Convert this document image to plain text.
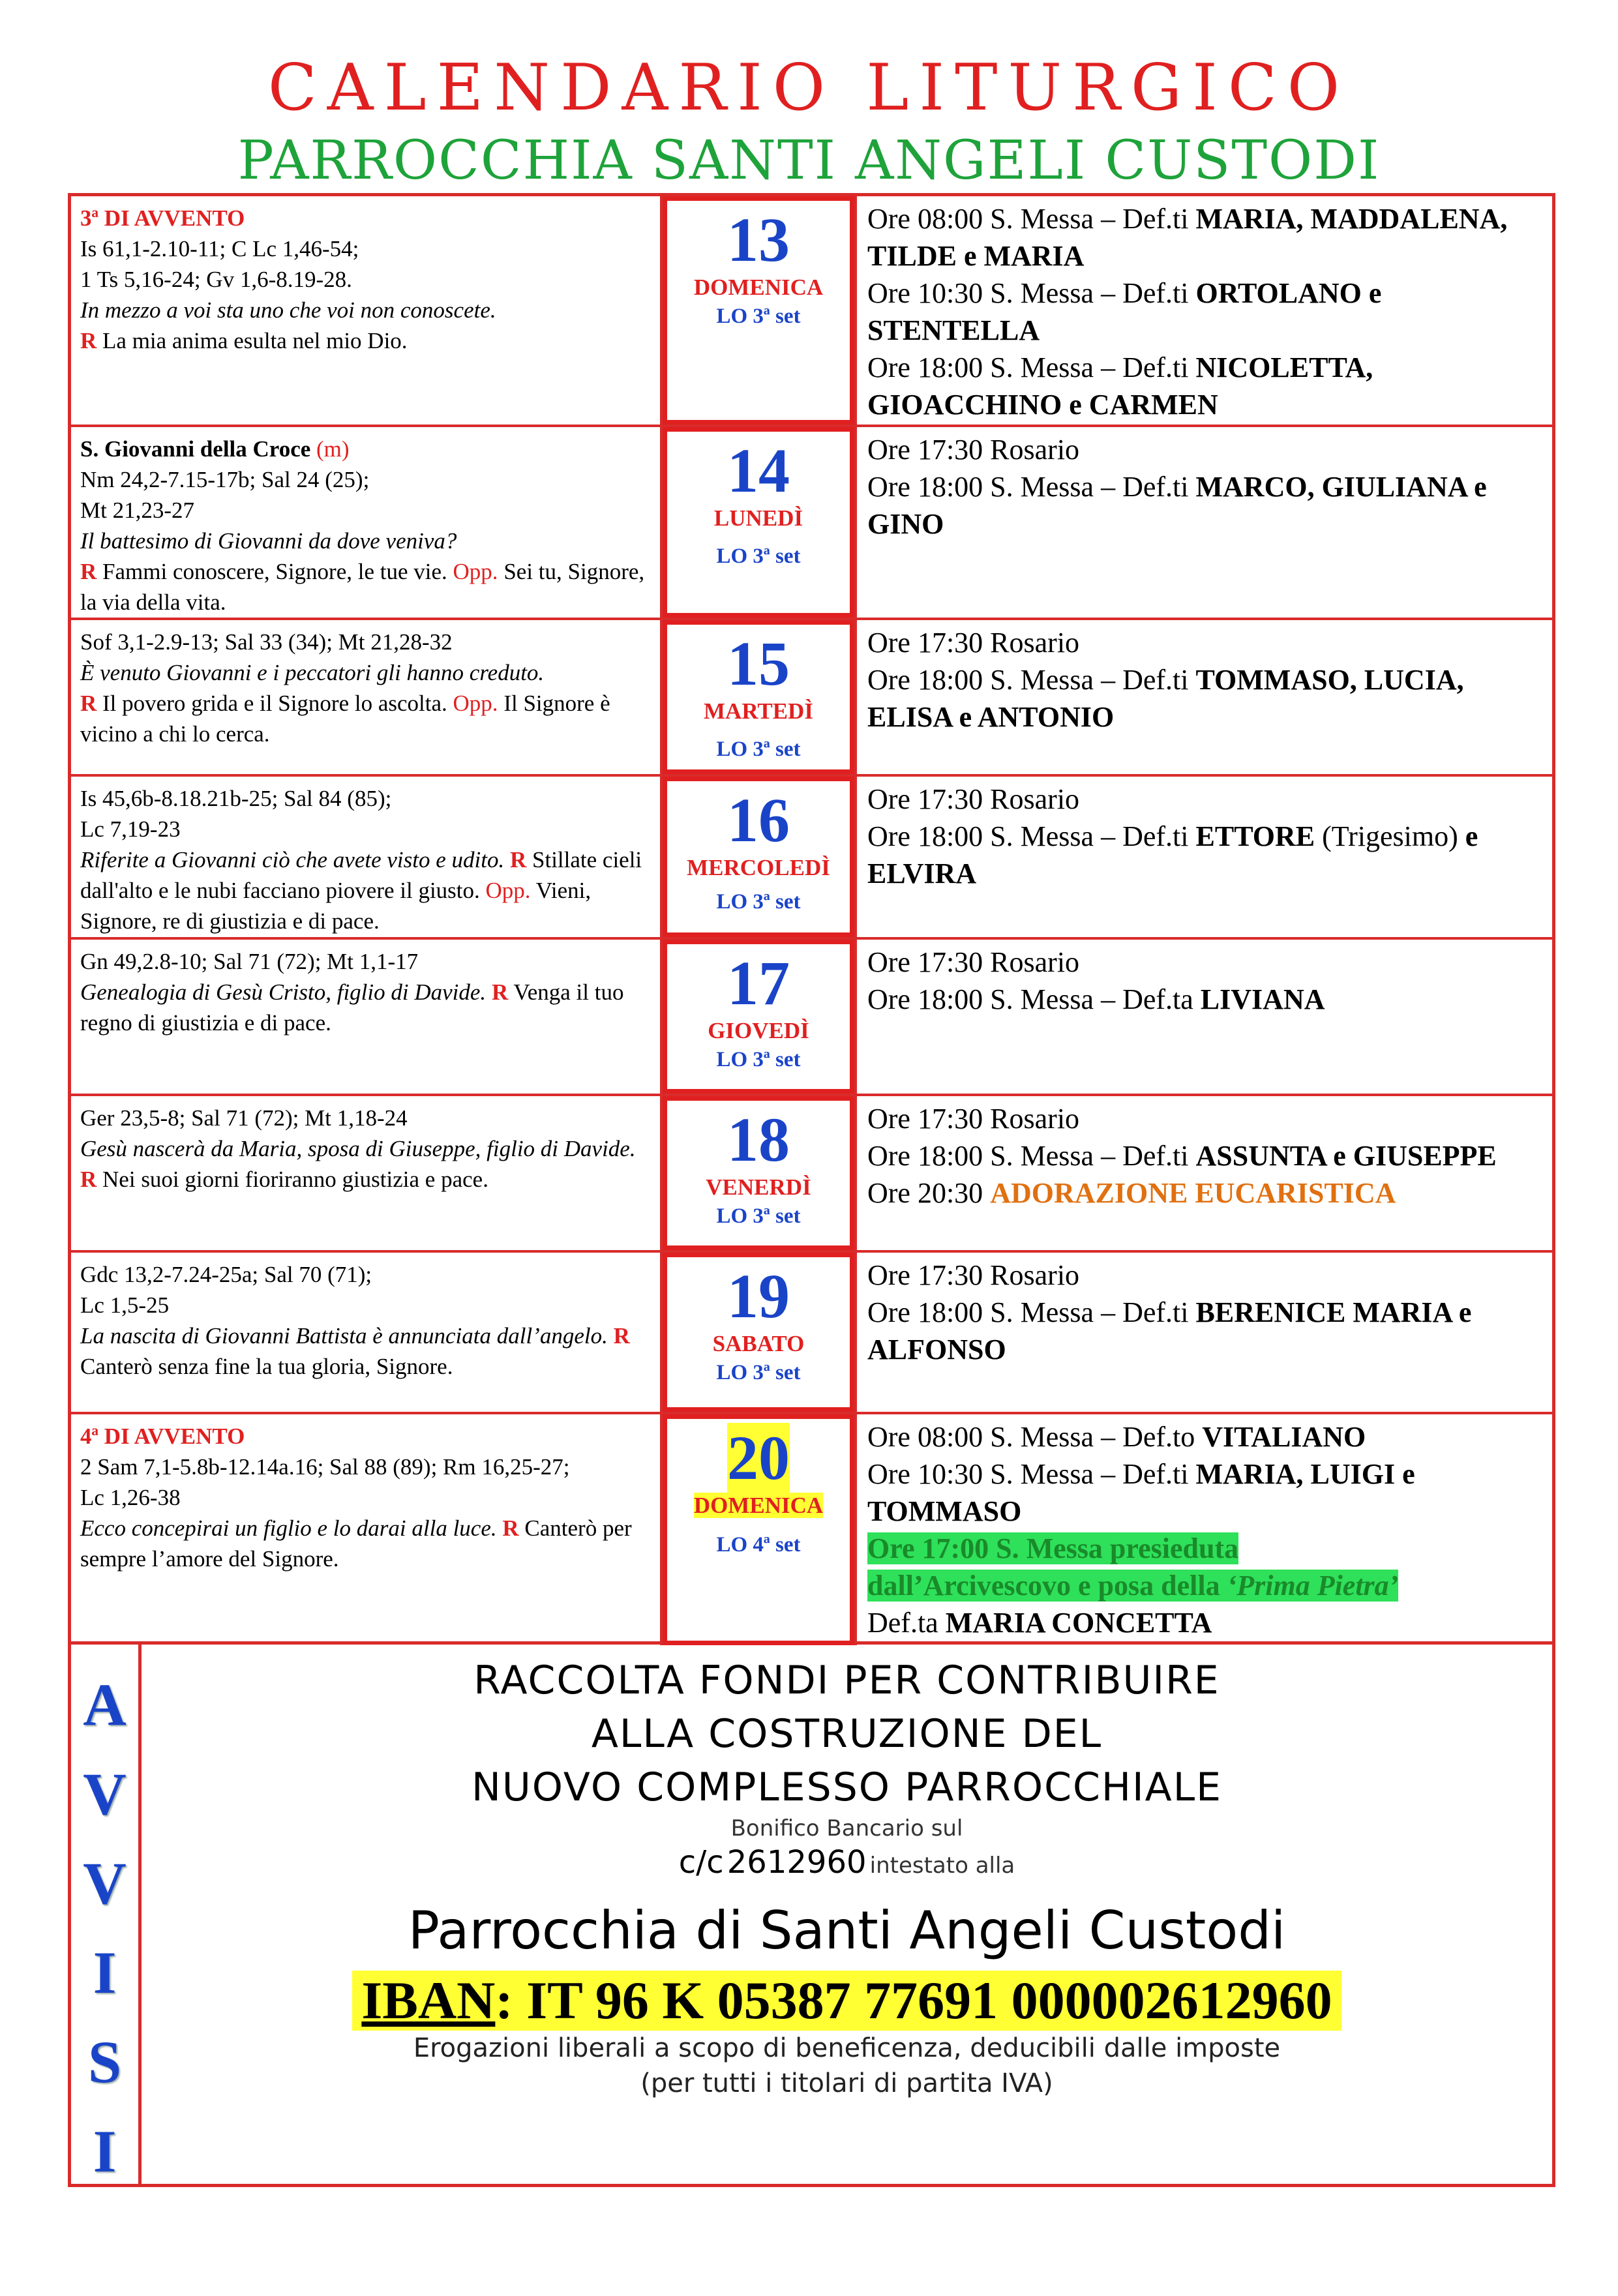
CALENDARIO LITURGICO
PARROCCHIA SANTI ANGELI CUSTODI
3ª DI AVVENTO
Is 61,1-2.10-11; C Lc 1,46-54;
1 Ts 5,16-24; Gv 1,6-8.19-28.
In mezzo a voi sta uno che voi non conoscete.
R La mia anima esulta nel mio Dio.
13
DOMENICA
LO 3ª set
Ore 08:00 S. Messa – Def.ti MARIA, MADDALENA, TILDE e MARIA
Ore 10:30 S. Messa – Def.ti ORTOLANO e STENTELLA
Ore 18:00 S. Messa – Def.ti NICOLETTA, GIOACCHINO e CARMEN
S. Giovanni della Croce (m)
Nm 24,2-7.15-17b; Sal 24 (25);
Mt 21,23-27
Il battesimo di Giovanni da dove veniva?
R Fammi conoscere, Signore, le tue vie. Opp. Sei tu, Signore, la via della vita.
14
LUNEDÌ
LO 3ª set
Ore 17:30 Rosario
Ore 18:00 S. Messa – Def.ti MARCO, GIULIANA e GINO
Sof 3,1-2.9-13; Sal 33 (34); Mt 21,28-32
È venuto Giovanni e i peccatori gli hanno creduto.
R Il povero grida e il Signore lo ascolta. Opp. Il Signore è vicino a chi lo cerca.
15
MARTEDÌ
LO 3ª set
Ore 17:30 Rosario
Ore 18:00 S. Messa – Def.ti TOMMASO, LUCIA, ELISA e ANTONIO
Is 45,6b-8.18.21b-25; Sal 84 (85);
Lc 7,19-23
Riferite a Giovanni ciò che avete visto e udito. R Stillate cieli dall'alto e le nubi facciano piovere il giusto. Opp. Vieni, Signore, re di giustizia e di pace.
16
MERCOLEDÌ
LO 3ª set
Ore 17:30 Rosario
Ore 18:00 S. Messa – Def.ti ETTORE (Trigesimo) e ELVIRA
Gn 49,2.8-10; Sal 71 (72); Mt 1,1-17
Genealogia di Gesù Cristo, figlio di Davide. R Venga il tuo regno di giustizia e di pace.
17
GIOVEDÌ
LO 3ª set
Ore 17:30 Rosario
Ore 18:00 S. Messa – Def.ta LIVIANA
Ger 23,5-8; Sal 71 (72); Mt 1,18-24
Gesù nascerà da Maria, sposa di Giuseppe, figlio di Davide. R Nei suoi giorni fioriranno giustizia e pace.
18
VENERDÌ
LO 3ª set
Ore 17:30 Rosario
Ore 18:00 S. Messa – Def.ti ASSUNTA e GIUSEPPE
Ore 20:30 ADORAZIONE EUCARISTICA
Gdc 13,2-7.24-25a; Sal 70 (71);
Lc 1,5-25
La nascita di Giovanni Battista è annunciata dall’angelo. R Canterò senza fine la tua gloria, Signore.
19
SABATO
LO 3ª set
Ore 17:30 Rosario
Ore 18:00 S. Messa – Def.ti BERENICE MARIA e ALFONSO
4ª DI AVVENTO
2 Sam 7,1-5.8b-12.14a.16; Sal 88 (89); Rm 16,25-27;
Lc 1,26-38
Ecco concepirai un figlio e lo darai alla luce. R Canterò per sempre l’amore del Signore.
20
DOMENICA
LO 4ª set
Ore 08:00 S. Messa – Def.to VITALIANO
Ore 10:30 S. Messa – Def.ti MARIA, LUIGI e TOMMASO
Ore 17:00 S. Messa presieduta
dall’Arcivescovo e posa della ‘Prima Pietra’
Def.ta MARIA CONCETTA
A
V
V
I
S
I
RACCOLTA FONDI PER CONTRIBUIRE
ALLA COSTRUZIONE DEL
NUOVO COMPLESSO PARROCCHIALE
Bonifico Bancario sul
c/c 2612960 intestato alla
Parrocchia di Santi Angeli Custodi
IBAN: IT 96 K 05387 77691 000002612960
Erogazioni liberali a scopo di beneficenza, deducibili dalle imposte
(per tutti i titolari di partita IVA)
